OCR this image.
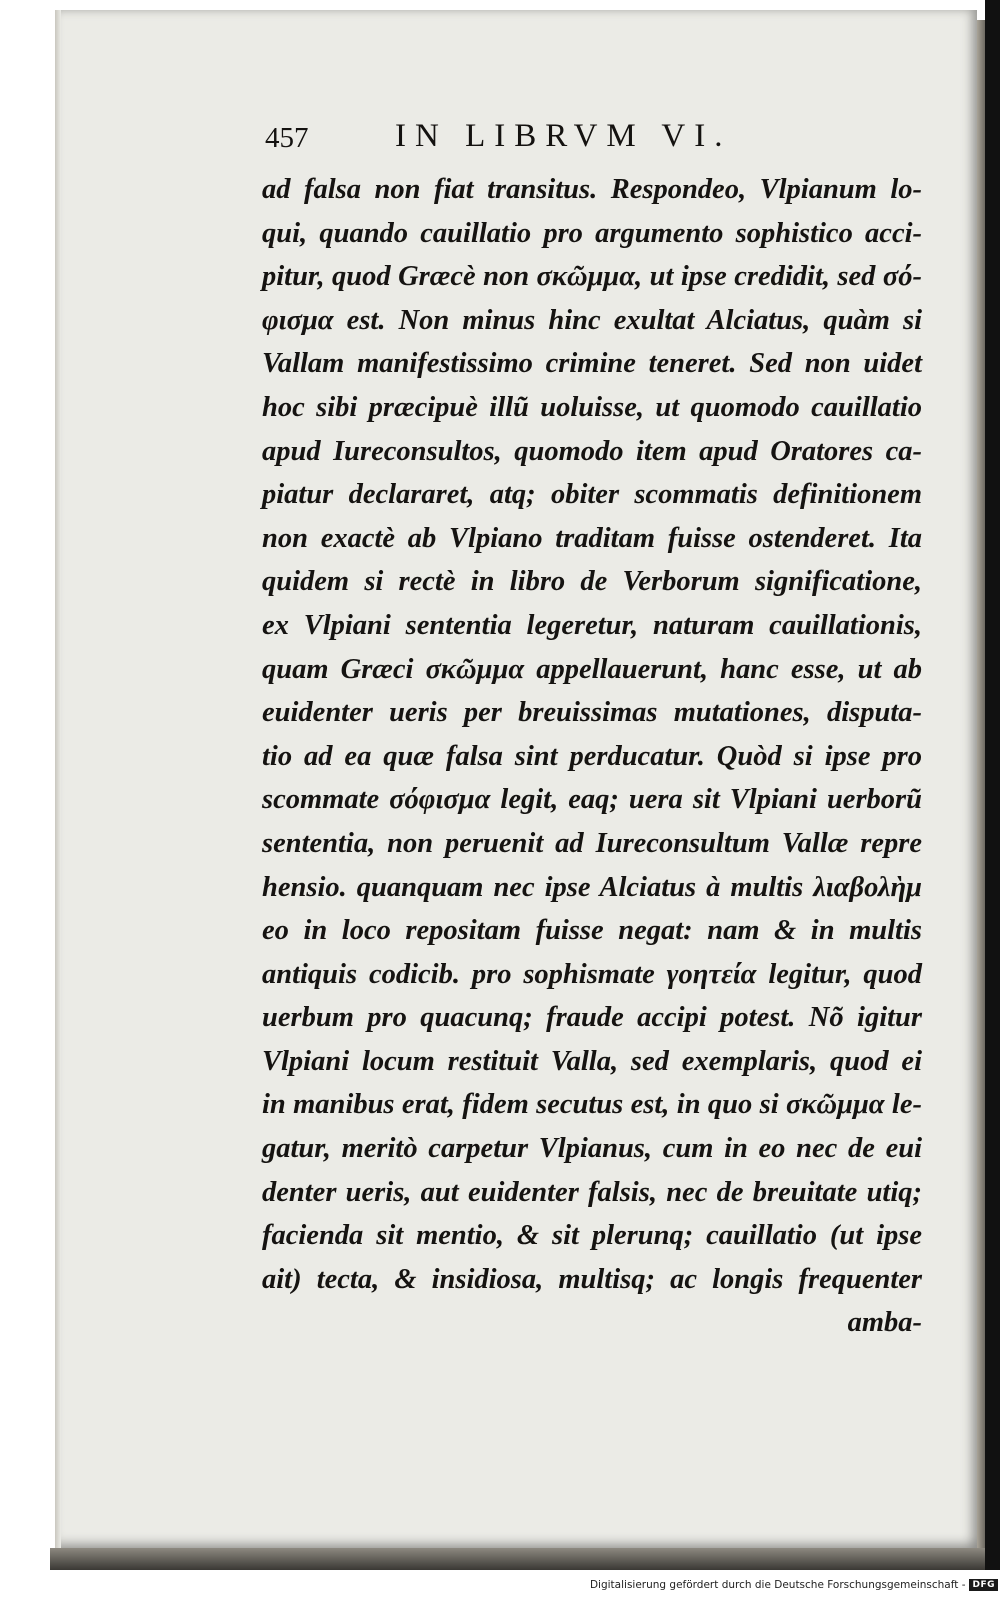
457	IN LIBRVM VI.
ad falsa non fiat transitus. Respondeo, Vlpianum lo-
qui, quando cauillatio pro argumento sophistico acci-
pitur, quod Græcè non σκῶμμα, ut ipse credidit, sed σό-
φισμα est. Non minus hinc exultat Alciatus, quàm si
Vallam manifestissimo crimine teneret. Sed non uidet
hoc sibi præcipuè illũ uoluisse, ut quomodo cauillatio
apud Iureconsultos, quomodo item apud Oratores ca-
piatur declararet, atq; obiter scommatis definitionem
non exactè ab Vlpiano traditam fuisse ostenderet. Ita
quidem si rectè in libro de Verborum significatione,
ex Vlpiani sententia legeretur, naturam cauillationis,
quam Græci σκῶμμα appellauerunt, hanc esse, ut ab
euidenter ueris per breuissimas mutationes, disputa-
tio ad ea quæ falsa sint perducatur. Quòd si ipse pro
scommate σόφισμα legit, eaq; uera sit Vlpiani uerborũ
sententia, non peruenit ad Iureconsultum Vallæ repre
hensio. quanquam nec ipse Alciatus à multis λιαβολὴμ
eo in loco repositam fuisse negat: nam & in multis
antiquis codicib. pro sophismate γοητεία legitur, quod
uerbum pro quacunq; fraude accipi potest. Nõ igitur
Vlpiani locum restituit Valla, sed exemplaris, quod ei
in manibus erat, fidem secutus est, in quo si σκῶμμα le-
gatur, meritò carpetur Vlpianus, cum in eo nec de eui
denter ueris, aut euidenter falsis, nec de breuitate utiq;
facienda sit mentio, & sit plerunq; cauillatio (ut ipse
ait) tecta, & insidiosa, multisq; ac longis frequenter
amba-
Digitalisierung gefördert durch die Deutsche Forschungsgemeinschaft - DFG
